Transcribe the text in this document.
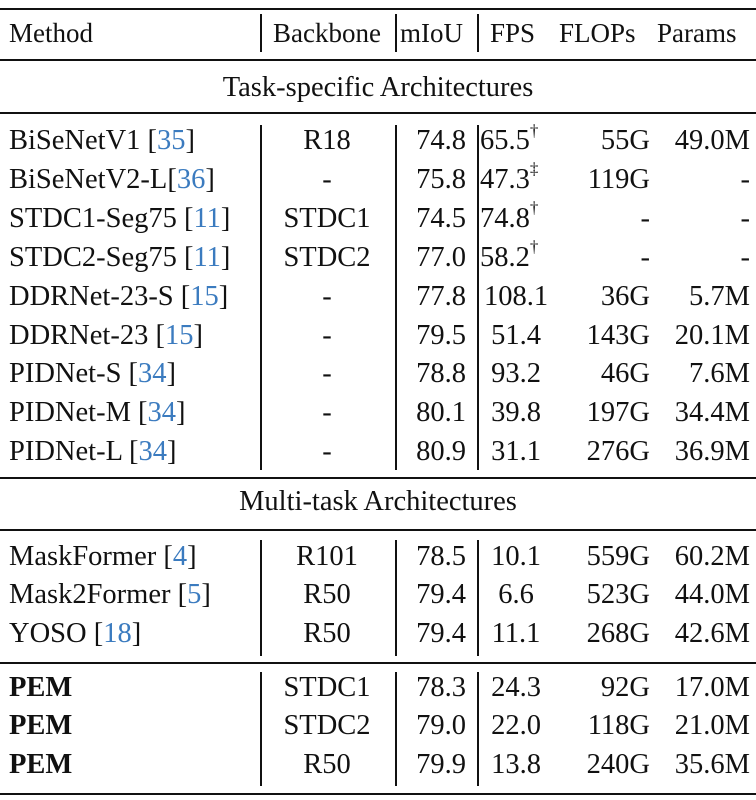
Method	Backbone mIoU FPS FLOPs Params
Task-specific Architectures
BiSeNetV1 [35]	R18	74.8 65.5†	55G 49.0M
BiSeNetV2-L[36]	-	75.8 47.3‡	119G	-
STDC1-Seg75 [11]	STDC1	74.5 74.8†	-	-
STDC2-Seg75 [11]	STDC2	77.0 58.2†	-	-
DDRNet-23-S [15]	-	77.8 108.1	36G	5.7M
DDRNet-23 [15]	-	79.5 51.4	143G 20.1M
PIDNet-S [34]	-	78.8 93.2	46G	7.6M
PIDNet-M [34]	-	80.1 39.8	197G 34.4M
PIDNet-L [34]	-	80.9 31.1	276G 36.9M
Multi-task Architectures
MaskFormer [4]	R101	78.5 10.1	559G 60.2M
Mask2Former [5]	R50	79.4	6.6	523G 44.0M
YOSO [18]	R50	79.4 11.1	268G 42.6M
PEM	STDC1	78.3 24.3	92G 17.0M
PEM	STDC2	79.0 22.0	118G 21.0M
PEM	R50	79.9 13.8	240G 35.6M
